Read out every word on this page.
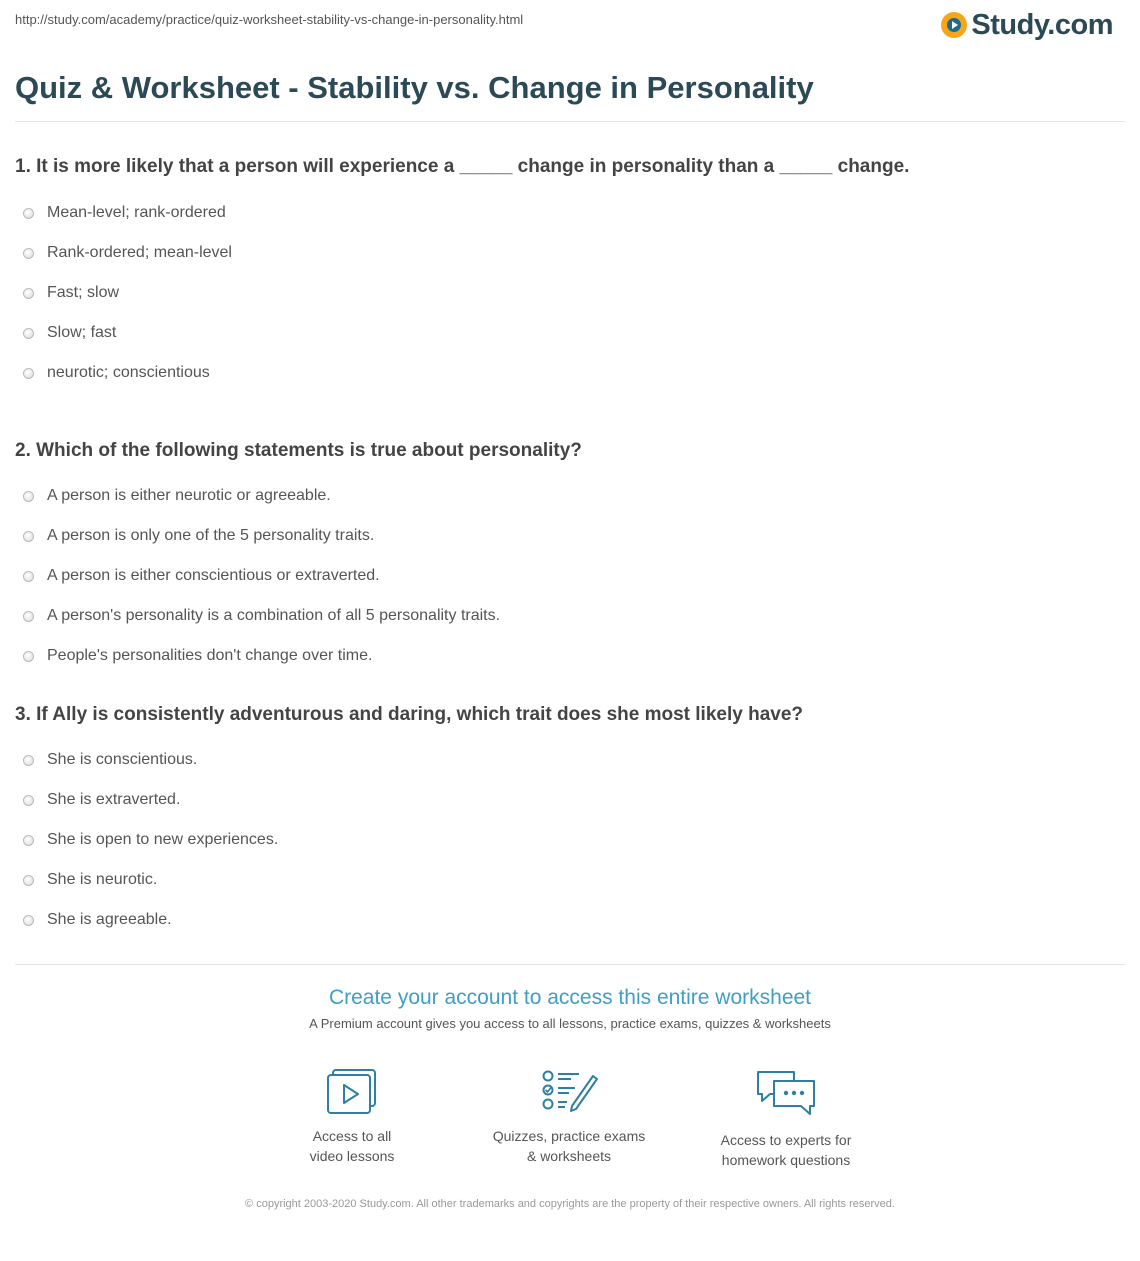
http://study.com/academy/practice/quiz-worksheet-stability-vs-change-in-personality.html	Study.com
Quiz & Worksheet - Stability vs. Change in Personality
1. It is more likely that a person will experience a _____ change in personality than a _____ change.
Mean-level; rank-ordered
Rank-ordered; mean-level
Fast; slow
Slow; fast
neurotic; conscientious
2. Which of the following statements is true about personality?
A person is either neurotic or agreeable.
A person is only one of the 5 personality traits.
A person is either conscientious or extraverted.
A person's personality is a combination of all 5 personality traits.
People's personalities don't change over time.
3. If Ally is consistently adventurous and daring, which trait does she most likely have?
She is conscientious.
She is extraverted.
She is open to new experiences.
She is neurotic.
She is agreeable.
Create your account to access this entire worksheet
A Premium account gives you access to all lessons, practice exams, quizzes & worksheets
Access to all
video lessons
Quizzes, practice exams
& worksheets
Access to experts for
homework questions
© copyright 2003-2020 Study.com. All other trademarks and copyrights are the property of their respective owners. All rights reserved.
